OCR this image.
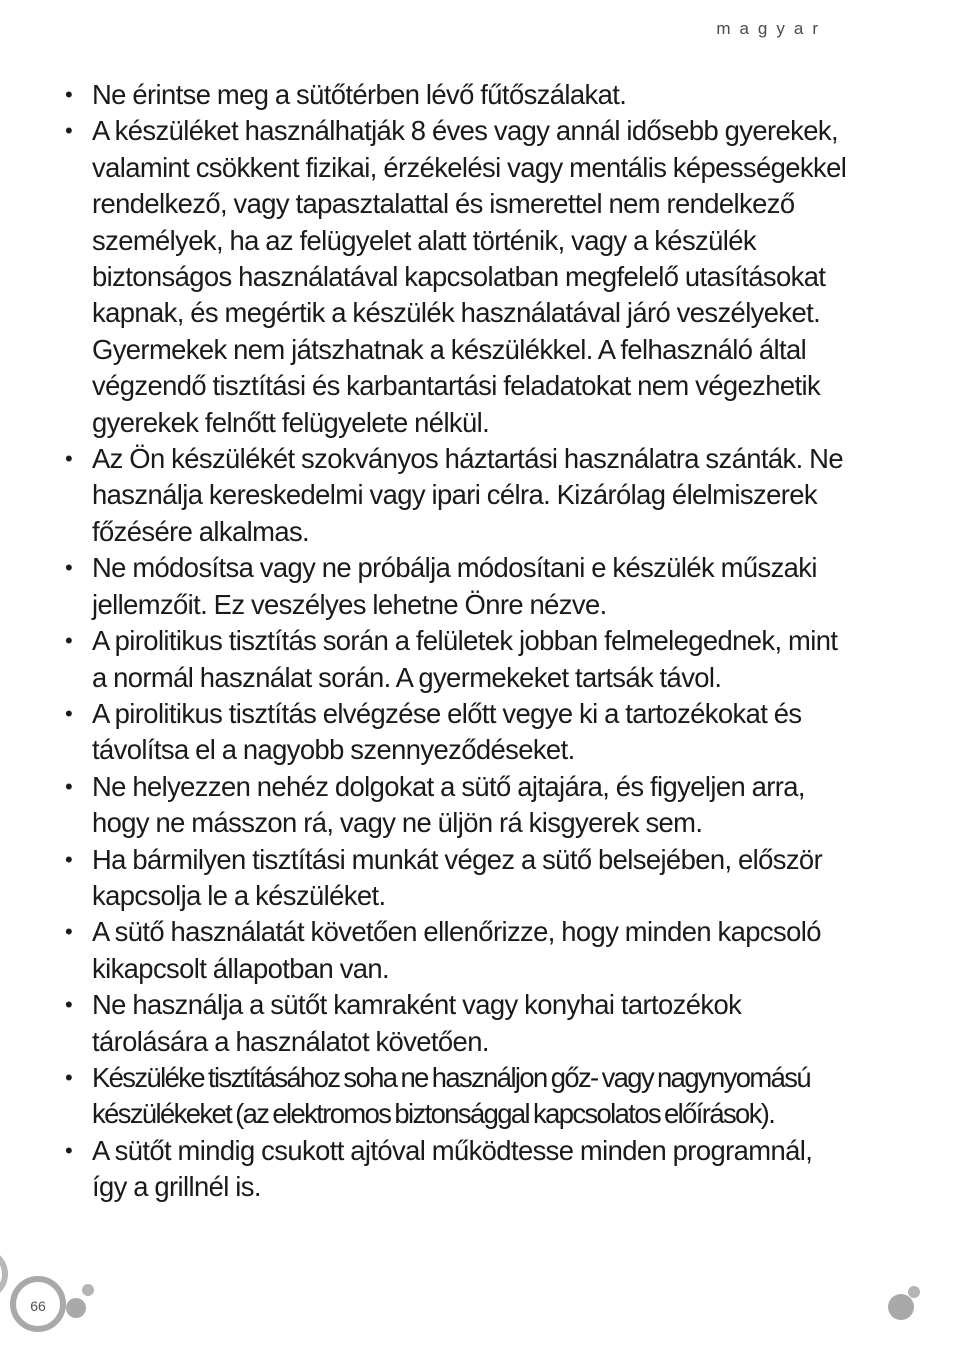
magyar
• Ne érintse meg a sütőtérben lévő fűtőszálakat.
• A készüléket használhatják 8 éves vagy annál idősebb gyerekek, valamint csökkent fizikai, érzékelési vagy mentális képességekkel rendelkező, vagy tapasztalattal és ismerettel nem rendelkező személyek, ha az felügyelet alatt történik, vagy a készülék biztonságos használatával kapcsolatban megfelelő utasításokat kapnak, és megértik a készülék használatával járó veszélyeket. Gyermekek nem játszhatnak a készülékkel. A felhasználó által végzendő tisztítási és karbantartási feladatokat nem végezhetik gyerekek felnőtt felügyelete nélkül.
• Az Ön készülékét szokványos háztartási használatra szánták. Ne használja kereskedelmi vagy ipari célra. Kizárólag élelmiszerek főzésére alkalmas.
• Ne módosítsa vagy ne próbálja módosítani e készülék műszaki jellemzőit. Ez veszélyes lehetne Önre nézve.
• A pirolitikus tisztítás során a felületek jobban felmelegednek, mint a normál használat során. A gyermekeket tartsák távol.
• A pirolitikus tisztítás elvégzése előtt vegye ki a tartozékokat és távolítsa el a nagyobb szennyeződéseket.
• Ne helyezzen nehéz dolgokat a sütő ajtajára, és figyeljen arra, hogy ne másszon rá, vagy ne üljön rá kisgyerek sem.
• Ha bármilyen tisztítási munkát végez a sütő belsejében, először kapcsolja le a készüléket.
• A sütő használatát követően ellenőrizze, hogy minden kapcsoló kikapcsolt állapotban van.
• Ne használja a sütőt kamraként vagy konyhai tartozékok tárolására a használatot követően.
• Készüléke tisztításához soha ne használjon gőz- vagy nagynyomású készülékeket (az elektromos biztonsággal kapcsolatos előírások).
• A sütőt mindig csukott ajtóval működtesse minden programnál, így a grillnél is.
66
